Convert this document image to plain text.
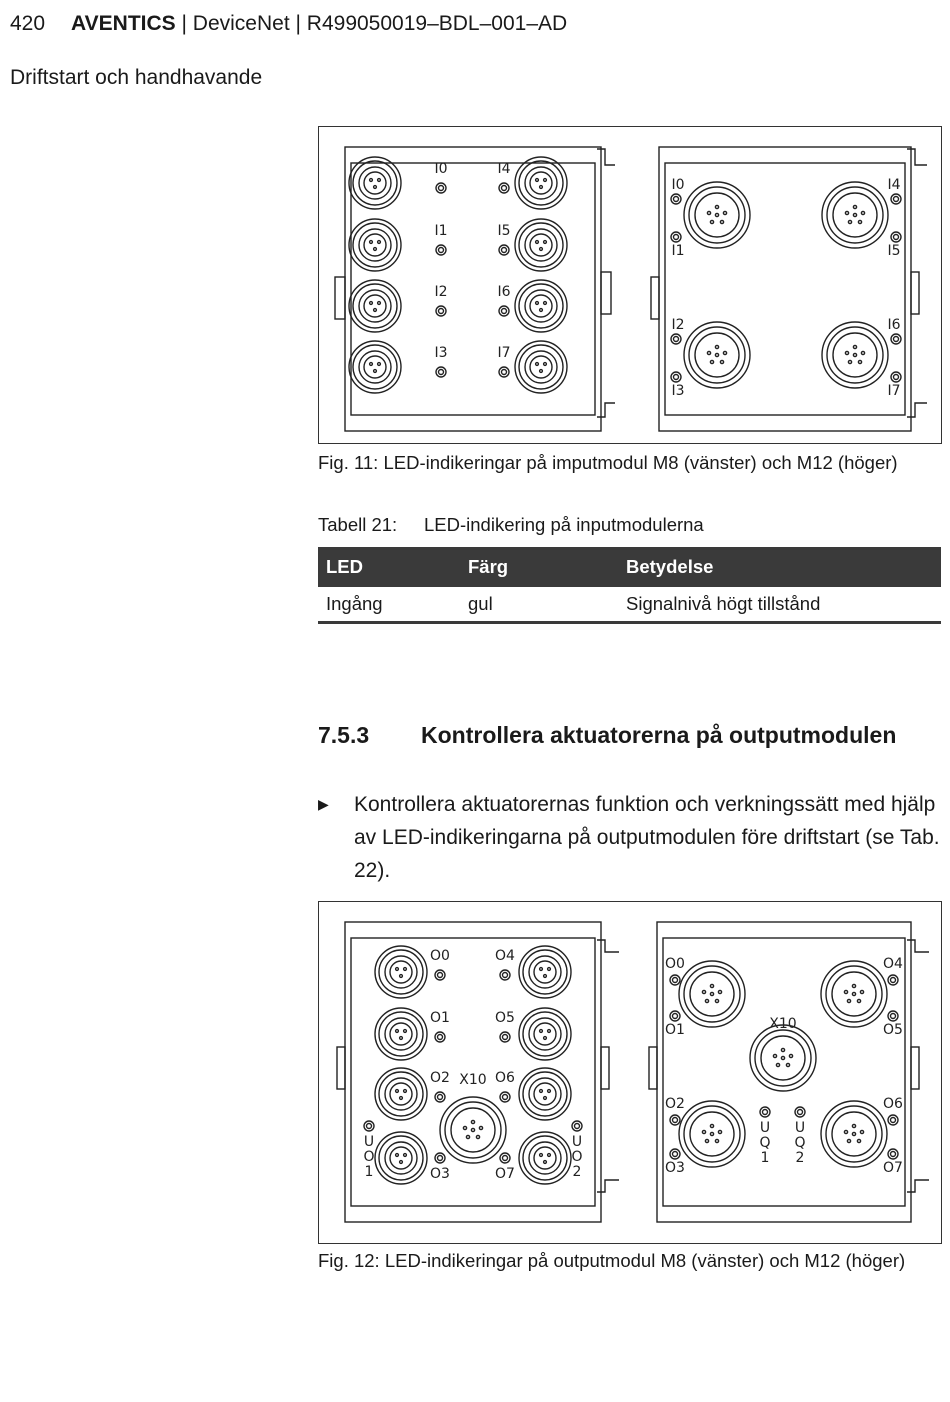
420 AVENTICS | DeviceNet | R499050019–BDL–001–AD
Driftstart och handhavande
I0	I4
I1	I5
I2	I6
I3	I7
I0
I1
I4
I5
I2
I3
I6
I7
Fig. 11: LED-indikeringar på imputmodul M8 (vänster) och M12 (höger)
Tabell 21: LED-indikering på inputmodulerna
LED	Färg	Betydelse
Ingång	gul	Signalnivå högt tillstånd
7.5.3 Kontrollera aktuatorerna på outputmodulen
▶ Kontrollera aktuatorernas funktion och verkningssätt med hjälp av LED-indikeringarna på outputmodulen före driftstart (se Tab. 22).
O0	O4
O1	O5
O2	O6
X10
O3	O7
U
O
1
U
O
2
X10
O0
O1
O4
O5
O2
O3
O6
O7
U
Q
1
U
Q
2
Fig. 12: LED-indikeringar på outputmodul M8 (vänster) och M12 (höger)
